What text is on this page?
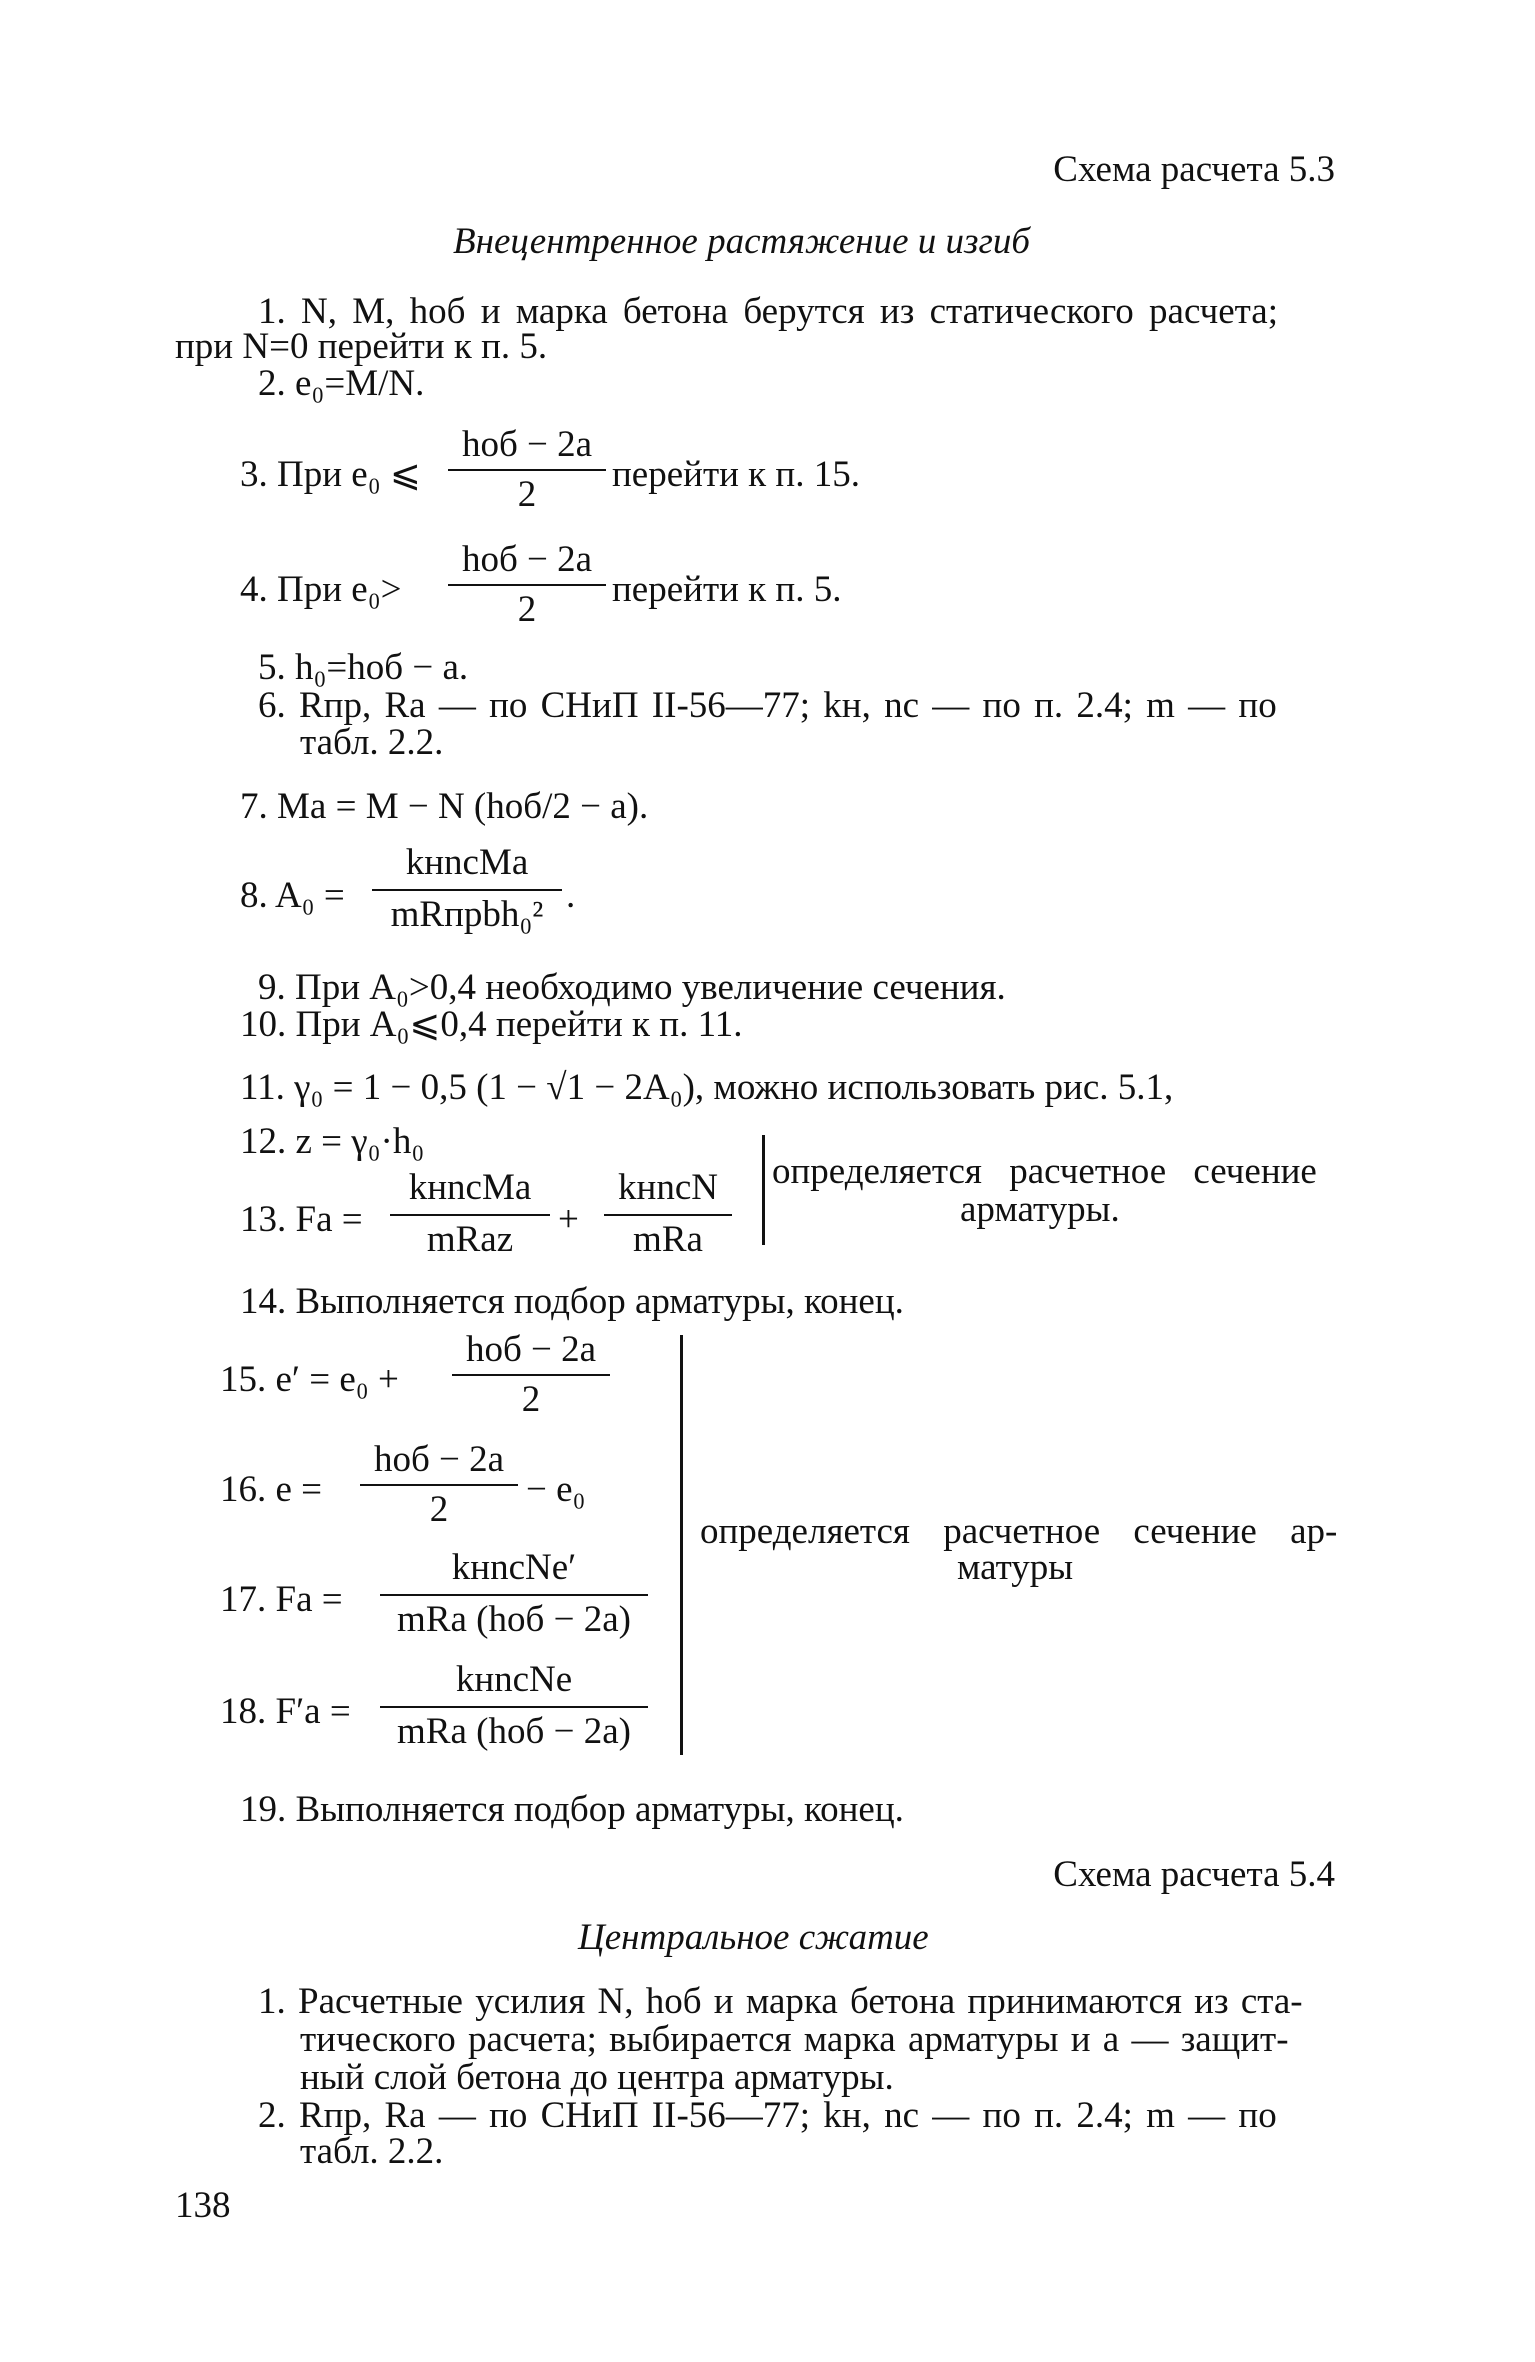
Схема расчета 5.3
Внецентренное растяжение и изгиб
1. N, M, hоб и марка бетона берутся из статического расчета;
при N=0 перейти к п. 5.
2. e₀=M/N.
3. При e₀ ⩽
hоб − 2a
2	перейти к п. 15.
4. При e₀>
hоб − 2a
2	перейти к п. 5.
5. h₀=hоб − a.
6. Rпр, Rа — по СНиП II-56—77; kн, nс — по п. 2.4; m — по
табл. 2.2.
7. Mа = M − N (hоб/2 − a).
8. A₀ =
kнnсMа
mRпрbh₀² .
9. При A₀>0,4 необходимо увеличение сечения.
10. При A₀⩽0,4 перейти к п. 11.
11. γ₀ = 1 − 0,5 (1 − √1 − 2A₀), можно использовать рис. 5.1,
12. z = γ₀·h₀
13. Fа =
kнnсMа
mRаz	+
kнnсN
mRа
определяется расчетное сечение
арматуры.
14. Выполняется подбор арматуры, конец.
15. e′ = e₀ +
hоб − 2a
2
16. e =
hоб − 2a
2	− e₀
17. Fа =
kнnсNe′
mRа (hоб − 2a)
18. F′а =
kнnсNe
mRа (hоб − 2a)
определяется расчетное сечение ар-
матуры
19. Выполняется подбор арматуры, конец.
Схема расчета 5.4
Центральное сжатие
1. Расчетные усилия N, hоб и марка бетона принимаются из ста-
тического расчета; выбирается марка арматуры и a — защит-
ный слой бетона до центра арматуры.
2. Rпр, Rа — по СНиП II-56—77; kн, nс — по п. 2.4; m — по
табл. 2.2.
138
